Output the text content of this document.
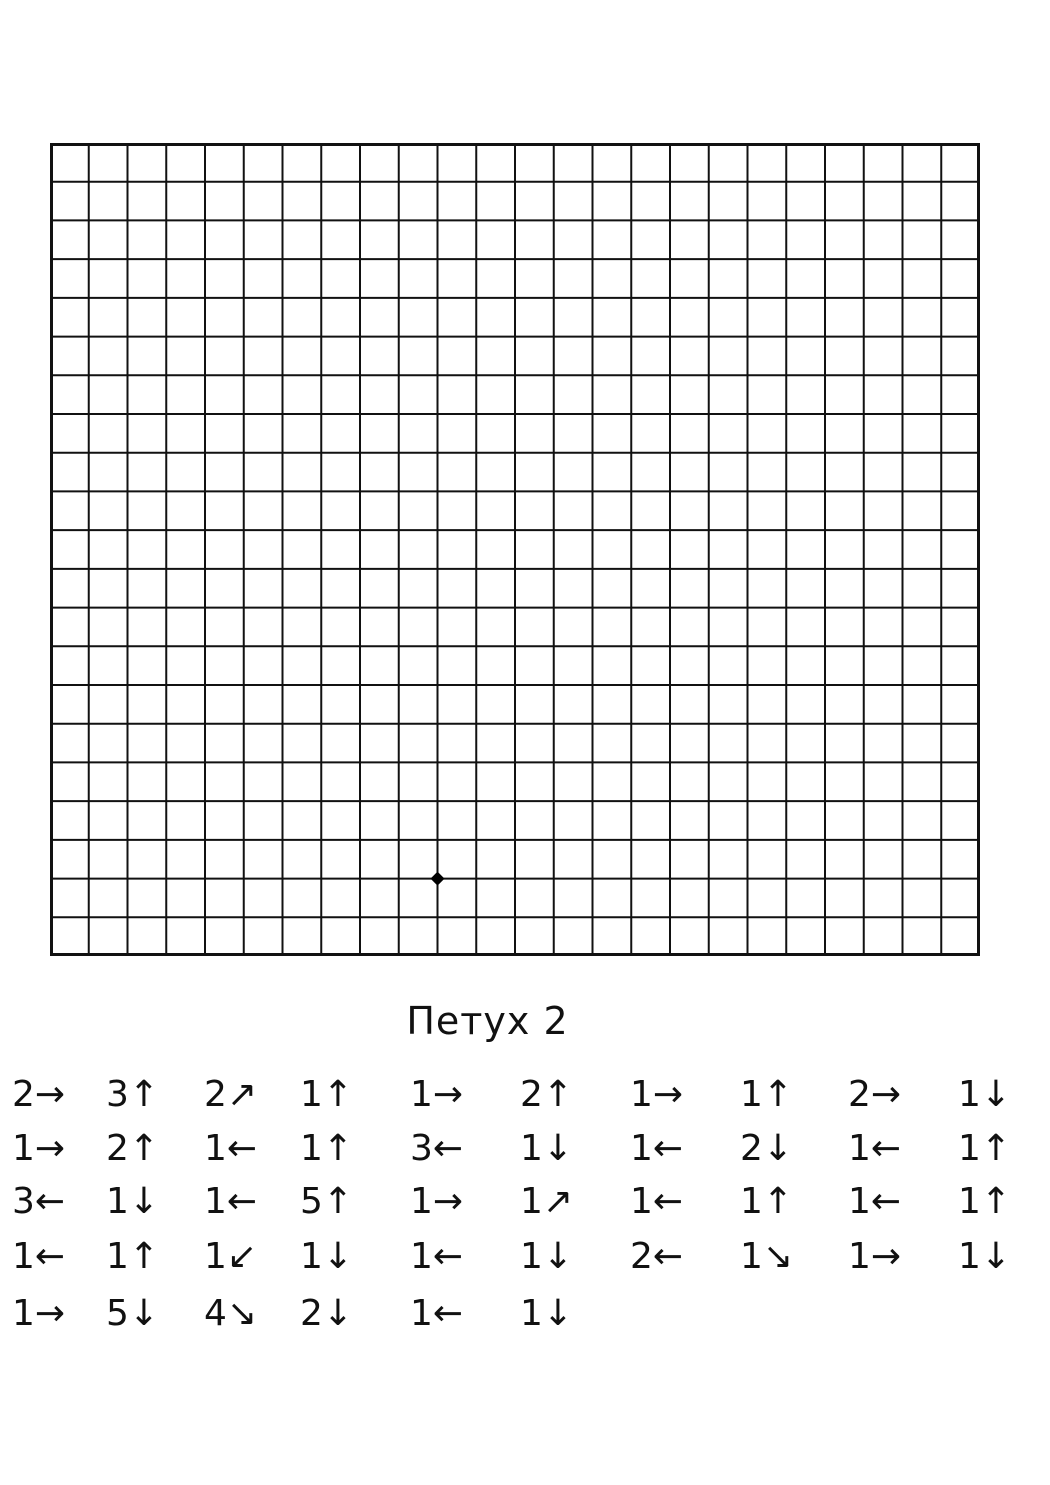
Петух 2
2→ 3↑ 2↗ 1↑ 1→ 2↑ 1→ 1↑ 2→ 1↓
1→ 2↑ 1← 1↑ 3← 1↓ 1← 2↓ 1← 1↑
3← 1↓ 1← 5↑ 1→ 1↗ 1← 1↑ 1← 1↑
1← 1↑ 1↙ 1↓ 1← 1↓ 2← 1↘ 1→ 1↓
1→ 5↓ 4↘ 2↓ 1← 1↓
